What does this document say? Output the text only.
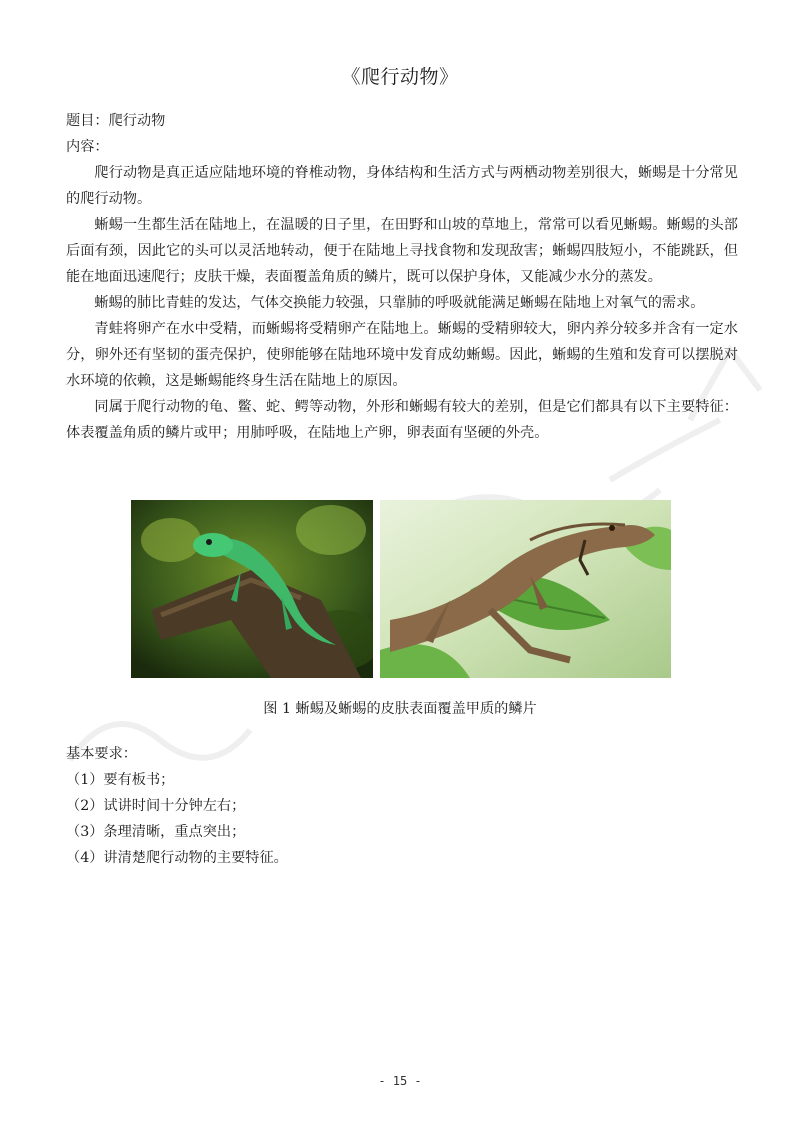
《爬行动物》

题目：爬行动物

内容：

爬行动物是真正适应陆地环境的脊椎动物，身体结构和生活方式与两栖动物差别很大，蜥蜴是十分常见的爬行动物。

蜥蜴一生都生活在陆地上，在温暖的日子里，在田野和山坡的草地上，常常可以看见蜥蜴。蜥蜴的头部后面有颈，因此它的头可以灵活地转动，便于在陆地上寻找食物和发现敌害；蜥蜴四肢短小，不能跳跃，但能在地面迅速爬行；皮肤干燥，表面覆盖角质的鳞片，既可以保护身体，又能减少水分的蒸发。

蜥蜴的肺比青蛙的发达，气体交换能力较强，只靠肺的呼吸就能满足蜥蜴在陆地上对氧气的需求。

青蛙将卵产在水中受精，而蜥蜴将受精卵产在陆地上。蜥蜴的受精卵较大，卵内养分较多并含有一定水分，卵外还有坚韧的蛋壳保护，使卵能够在陆地环境中发育成幼蜥蜴。因此，蜥蜴的生殖和发育可以摆脱对水环境的依赖，这是蜥蜴能终身生活在陆地上的原因。

同属于爬行动物的龟、鳖、蛇、鳄等动物，外形和蜥蜴有较大的差别，但是它们都具有以下主要特征：体表覆盖角质的鳞片或甲；用肺呼吸，在陆地上产卵，卵表面有坚硬的外壳。

图 1 蜥蜴及蜥蜴的皮肤表面覆盖甲质的鳞片

基本要求：

（1）要有板书；

（2）试讲时间十分钟左右；

（3）条理清晰，重点突出；

（4）讲清楚爬行动物的主要特征。

- 15 -
